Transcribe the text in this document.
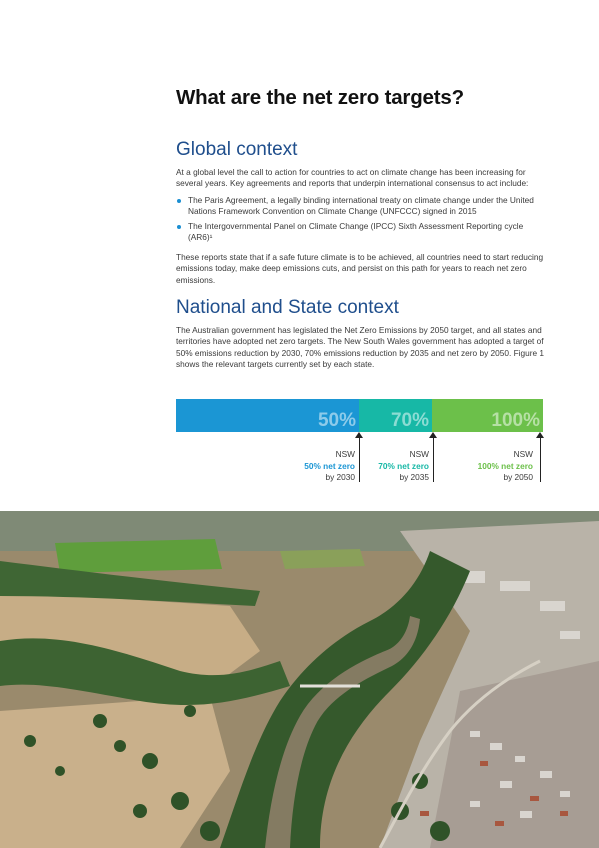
What are the net zero targets?
Global context

At a global level the call to action for countries to act on climate change has been increasing for several years. Key agreements and reports that underpin international consensus to act include:

The Paris Agreement, a legally binding international treaty on climate change under the United Nations Framework Convention on Climate Change (UNFCCC) signed in 2015
The Intergovernmental Panel on Climate Change (IPCC) Sixth Assessment Reporting cycle (AR6)¹

These reports state that if a safe future climate is to be achieved, all countries need to start reducing emissions today, make deep emissions cuts, and persist on this path for years to reach net zero emissions.

National and State context

The Australian government has legislated the Net Zero Emissions by 2050 target, and all states and territories have adopted net zero targets. The New South Wales government has adopted a target of 50% emissions reduction by 2030, 70% emissions reduction by 2035 and net zero by 2050. Figure 1 shows the relevant targets currently set by each state.

50% 70%	100%
NSW
50% net zero
by 2030
NSW
70% net zero
by 2035
NSW
100% net zero
by 2050
